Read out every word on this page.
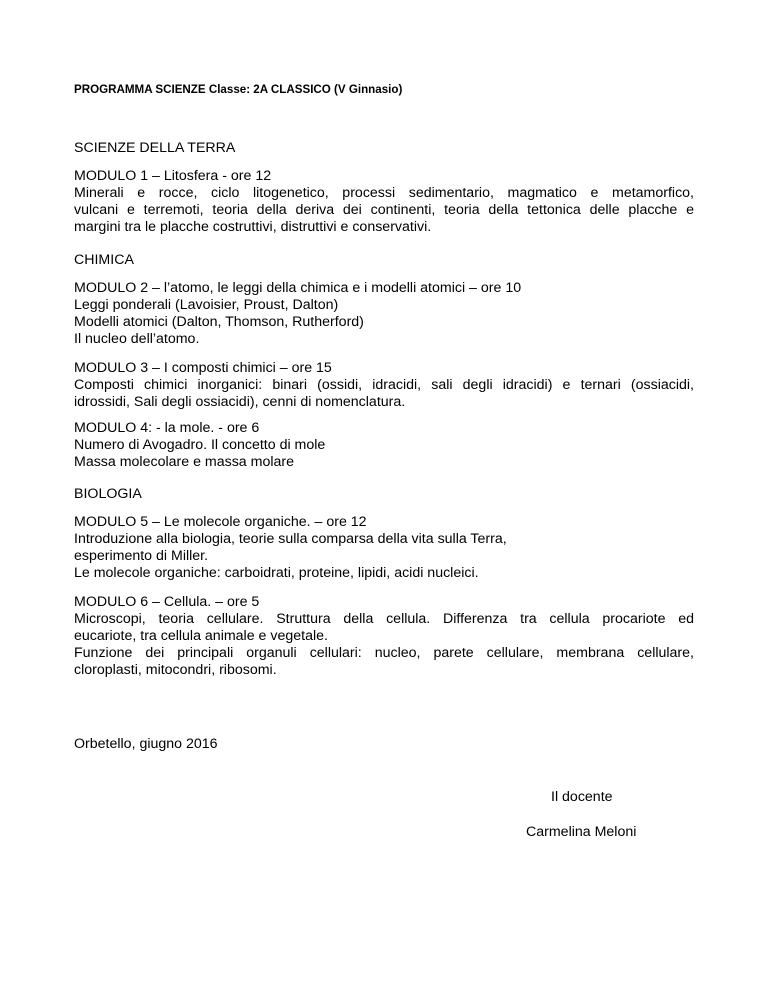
PROGRAMMA SCIENZE Classe: 2A CLASSICO (V Ginnasio)

SCIENZE DELLA TERRA

MODULO 1 – Litosfera - ore 12

Minerali e rocce, ciclo litogenetico, processi sedimentario, magmatico e metamorfico,

vulcani e terremoti, teoria della deriva dei continenti, teoria della tettonica delle placche e

margini tra le placche costruttivi, distruttivi e conservativi.

CHIMICA

MODULO 2 – l’atomo, le leggi della chimica e i modelli atomici – ore 10

Leggi ponderali (Lavoisier, Proust, Dalton)

Modelli atomici (Dalton, Thomson, Rutherford)

Il nucleo dell’atomo.

MODULO 3 – I composti chimici – ore 15

Composti chimici inorganici: binari (ossidi, idracidi, sali degli idracidi) e ternari (ossiacidi,

idrossidi, Sali degli ossiacidi), cenni di nomenclatura.

MODULO 4: - la mole. - ore 6

Numero di Avogadro. Il concetto di mole

Massa molecolare e massa molare

BIOLOGIA

MODULO 5 – Le molecole organiche. – ore 12

Introduzione alla biologia, teorie sulla comparsa della vita sulla Terra,

esperimento di Miller.

Le molecole organiche: carboidrati, proteine, lipidi, acidi nucleici.

MODULO 6 – Cellula. – ore 5

Microscopi, teoria cellulare. Struttura della cellula. Differenza tra cellula procariote ed

eucariote, tra cellula animale e vegetale.

Funzione dei principali organuli cellulari: nucleo, parete cellulare, membrana cellulare,

cloroplasti, mitocondri, ribosomi.

Orbetello, giugno 2016
Il docente
Carmelina Meloni
